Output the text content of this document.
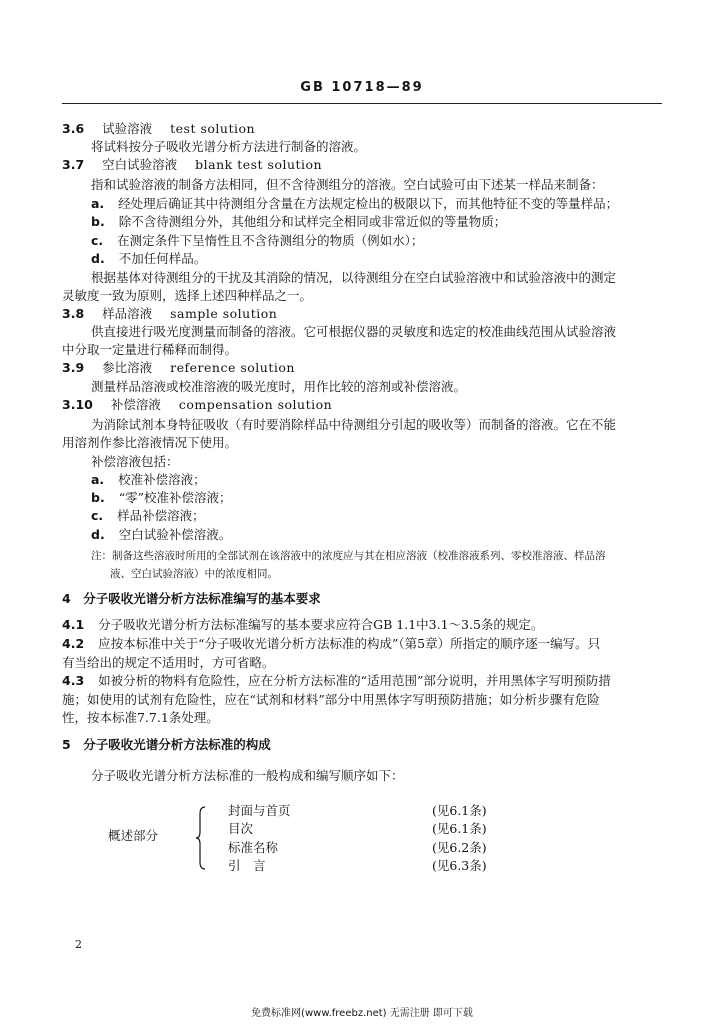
GB 10718—89
3.6 试验溶液 test solution
将试料按分子吸收光谱分析方法进行制备的溶液。
3.7 空白试验溶液 blank test solution
指和试验溶液的制备方法相同，但不含待测组分的溶液。空白试验可由下述某一样品来制备：
a. 经处理后确证其中待测组分含量在方法规定检出的极限以下，而其他特征不变的等量样品；
b. 除不含待测组分外，其他组分和试样完全相同或非常近似的等量物质；
c. 在测定条件下呈惰性且不含待测组分的物质（例如水）；
d. 不加任何样品。
根据基体对待测组分的干扰及其消除的情况，以待测组分在空白试验溶液中和试验溶液中的测定
灵敏度一致为原则，选择上述四种样品之一。
3.8 样品溶液 sample solution
供直接进行吸光度测量而制备的溶液。它可根据仪器的灵敏度和选定的校准曲线范围从试验溶液
中分取一定量进行稀释而制得。
3.9 参比溶液 reference solution
测量样品溶液或校准溶液的吸光度时，用作比较的溶剂或补偿溶液。
3.10 补偿溶液 compensation solution
为消除试剂本身特征吸收（有时要消除样品中待测组分引起的吸收等）而制备的溶液。它在不能
用溶剂作参比溶液情况下使用。
补偿溶液包括：
a. 校准补偿溶液；
b. “零”校准补偿溶液；
c. 样品补偿溶液；
d. 空白试验补偿溶液。
注：制备这些溶液时所用的全部试剂在该溶液中的浓度应与其在相应溶液（校准溶液系列、零校准溶液、样品溶
液、空白试验溶液）中的浓度相同。
4　分子吸收光谱分析方法标准编写的基本要求
4.1 分子吸收光谱分析方法标准编写的基本要求应符合GB 1.1中3.1～3.5条的规定。
4.2 应按本标准中关于“分子吸收光谱分析方法标准的构成”（第5章）所指定的顺序逐一编写。只
有当给出的规定不适用时，方可省略。
4.3 如被分析的物料有危险性，应在分析方法标准的“适用范围”部分说明，并用黑体字写明预防措
施；如使用的试剂有危险性，应在“试剂和材料”部分中用黑体字写明预防措施；如分析步骤有危险
性，按本标准7.7.1条处理。
5　分子吸收光谱分析方法标准的构成
分子吸收光谱分析方法标准的一般构成和编写顺序如下：
概述部分
封面与首页	(见6.1条)
目次	(见6.1条)
标准名称	(见6.2条)
引　言	(见6.3条)
2
免费标准网(www.freebz.net) 无需注册 即可下载
